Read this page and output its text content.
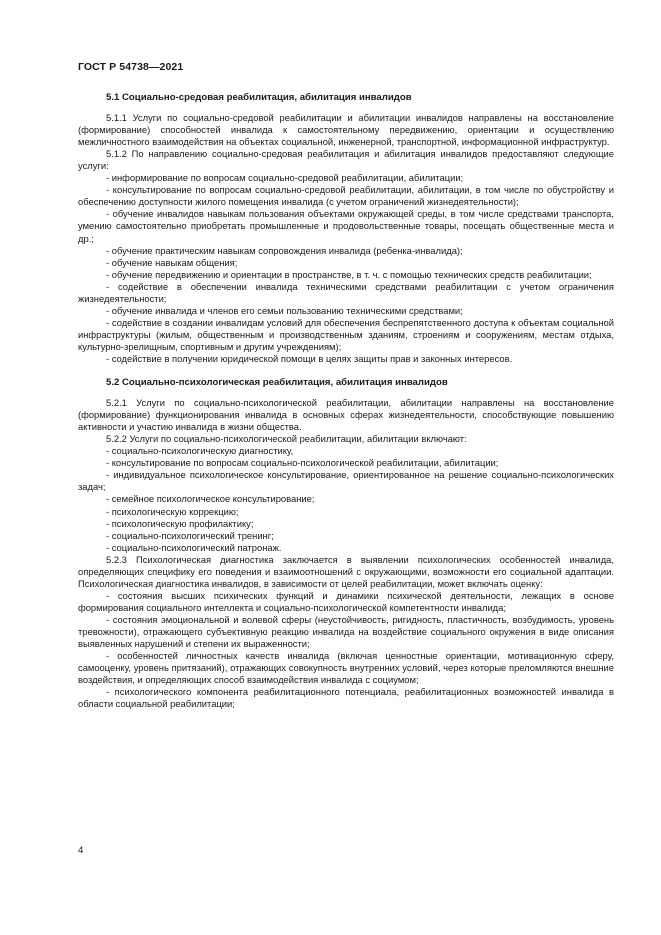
ГОСТ Р 54738—2021
5.1 Социально-средовая реабилитация, абилитация инвалидов
5.1.1 Услуги по социально-средовой реабилитации и абилитации инвалидов направлены на восстановление (формирование) способностей инвалида к самостоятельному передвижению, ориентации и осуществлению межличностного взаимодействия на объектах социальной, инженерной, транспортной, информационной инфраструктур.
5.1.2 По направлению социально-средовая реабилитация и абилитация инвалидов предоставляют следующие услуги:
- информирование по вопросам социально-средовой реабилитации, абилитации;
- консультирование по вопросам социально-средовой реабилитации, абилитации, в том числе по обустройству и обеспечению доступности жилого помещения инвалида (с учетом ограничений жизнедеятельности);
- обучение инвалидов навыкам пользования объектами окружающей среды, в том числе средствами транспорта, умению самостоятельно приобретать промышленные и продовольственные товары, посещать общественные места и др.;
- обучение практическим навыкам сопровождения инвалида (ребенка-инвалида);
- обучение навыкам общения;
- обучение передвижению и ориентации в пространстве, в т. ч. с помощью технических средств реабилитации;
- содействие в обеспечении инвалида техническими средствами реабилитации с учетом ограничения жизнедеятельности;
- обучение инвалида и членов его семьи пользованию техническими средствами;
- содействие в создании инвалидам условий для обеспечения беспрепятственного доступа к объектам социальной инфраструктуры (жилым, общественным и производственным зданиям, строениям и сооружениям, местам отдыха, культурно-зрелищным, спортивным и другим учреждениям);
- содействие в получении юридической помощи в целях защиты прав и законных интересов.
5.2 Социально-психологическая реабилитация, абилитация инвалидов
5.2.1 Услуги по социально-психологической реабилитации, абилитации направлены на восстановление (формирование) функционирования инвалида в основных сферах жизнедеятельности, способствующие повышению активности и участию инвалида в жизни общества.
5.2.2 Услуги по социально-психологической реабилитации, абилитации включают:
- социально-психологическую диагностику,
- консультирование по вопросам социально-психологической реабилитации, абилитации;
- индивидуальное психологическое консультирование, ориентированное на решение социально-психологических задач;
- семейное психологическое консультирование;
- психологическую коррекцию;
- психологическую профилактику;
- социально-психологический тренинг;
- социально-психологический патронаж.
5.2.3 Психологическая диагностика заключается в выявлении психологических особенностей инвалида, определяющих специфику его поведения и взаимоотношений с окружающими, возможности его социальной адаптации. Психологическая диагностика инвалидов, в зависимости от целей реабилитации, может включать оценку:
- состояния высших психических функций и динамики психической деятельности, лежащих в основе формирования социального интеллекта и социально-психологической компетентности инвалида;
- состояния эмоциональной и волевой сферы (неустойчивость, ригидность, пластичность, возбудимость, уровень тревожности), отражающего субъективную реакцию инвалида на воздействие социального окружения в виде описания выявленных нарушений и степени их выраженности;
- особенностей личностных качеств инвалида (включая ценностные ориентации, мотивационную сферу, самооценку, уровень притязаний), отражающих совокупность внутренних условий, через которые преломляются внешние воздействия, и определяющих способ взаимодействия инвалида с социумом;
- психологического компонента реабилитационного потенциала, реабилитационных возможностей инвалида в области социальной реабилитации;
4
